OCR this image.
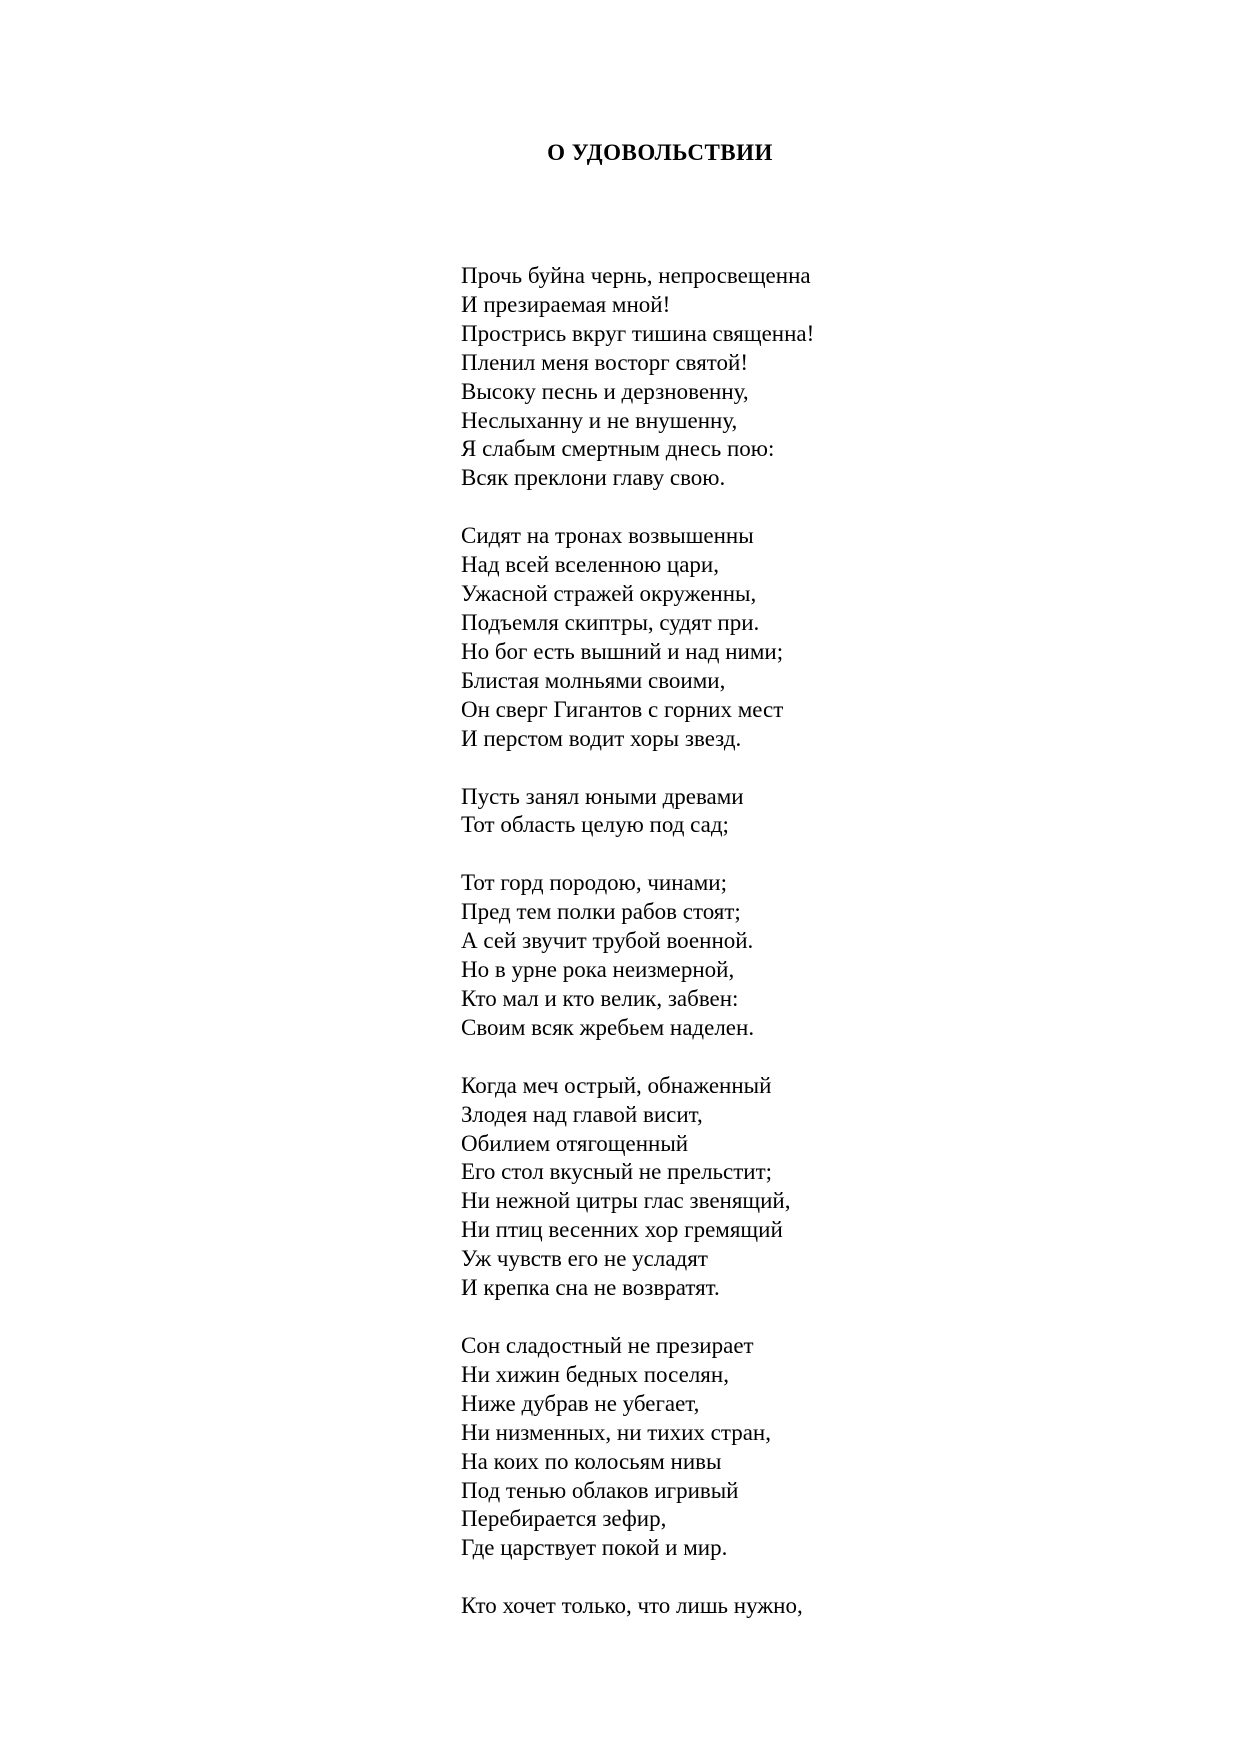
О УДОВОЛЬСТВИИ

Прочь буйна чернь, непросвещенна
И презираемая мной!
Прострись вкруг тишина священна!
Пленил меня восторг святой!
Высоку песнь и дерзновенну,
Неслыханну и не внушенну,
Я слабым смертным днесь пою:
Всяк преклони главу свою.

Сидят на тронах возвышенны
Над всей вселенною цари,
Ужасной стражей окруженны,
Подъемля скиптры, судят при.
Но бог есть вышний и над ними;
Блистая молньями своими,
Он сверг Гигантов с горних мест
И перстом водит хоры звезд.

Пусть занял юными древами
Тот область целую под сад;

Тот горд породою, чинами;
Пред тем полки рабов стоят;
А сей звучит трубой военной.
Но в урне рока неизмерной,
Кто мал и кто велик, забвен:
Своим всяк жребьем наделен.

Когда меч острый, обнаженный
Злодея над главой висит,
Обилием отягощенный
Его стол вкусный не прельстит;
Ни нежной цитры глас звенящий,
Ни птиц весенних хор гремящий
Уж чувств его не усладят
И крепка сна не возвратят.

Сон сладостный не презирает
Ни хижин бедных поселян,
Ниже дубрав не убегает,
Ни низменных, ни тихих стран,
На коих по колосьям нивы
Под тенью облаков игривый
Перебирается зефир,
Где царствует покой и мир.

Кто хочет только, что лишь нужно,
